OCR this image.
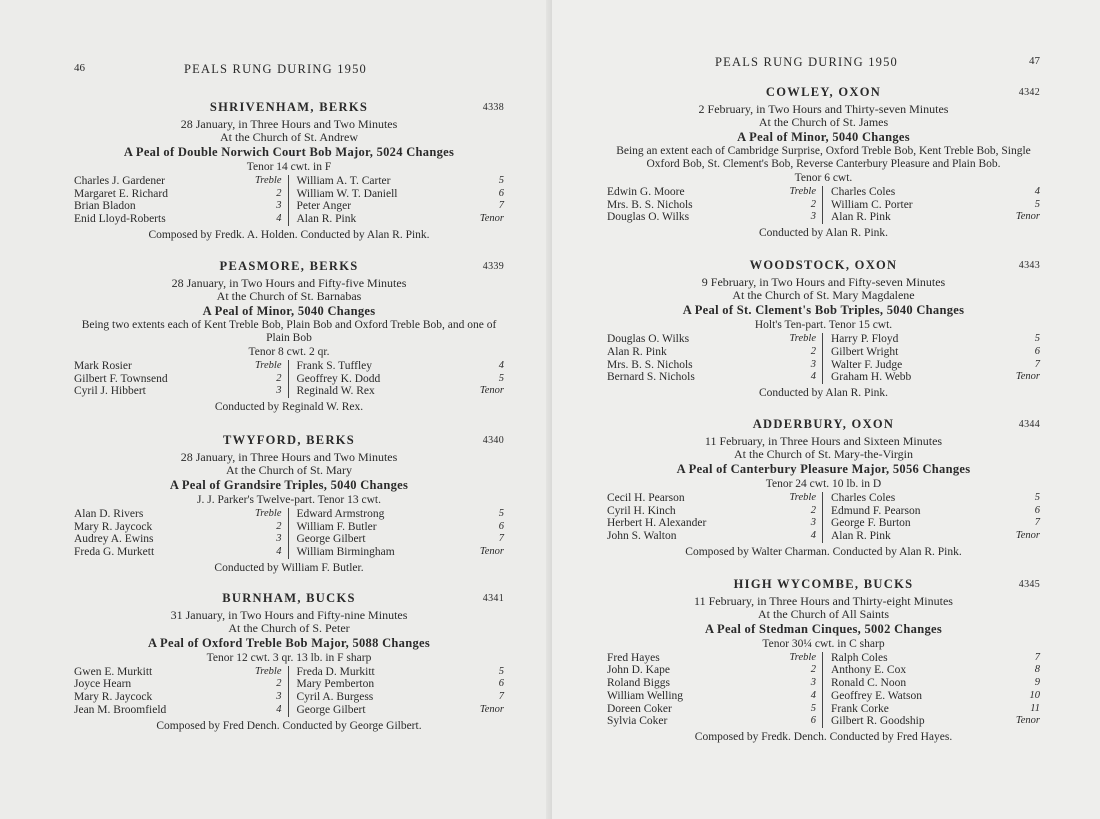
46	PEALS RUNG DURING 1950
SHRIVENHAM, BERKS	4338
28 January, in Three Hours and Two Minutes
At the Church of St. Andrew
A Peal of Double Norwich Court Bob Major, 5024 Changes
Tenor 14 cwt. in F
Charles J. Gardener	Treble
Margaret E. Richard	2
Brian Bladon	3
Enid Lloyd-Roberts	4
William A. T. Carter	5
William W. T. Daniell	6
Peter Anger	7
Alan R. Pink	Tenor
Composed by Fredk. A. Holden. Conducted by Alan R. Pink.
PEASMORE, BERKS	4339
28 January, in Two Hours and Fifty-five Minutes
At the Church of St. Barnabas
A Peal of Minor, 5040 Changes
Being two extents each of Kent Treble Bob, Plain Bob and Oxford Treble Bob, and one of Plain Bob
Tenor 8 cwt. 2 qr.
Mark Rosier	Treble
Gilbert F. Townsend	2
Cyril J. Hibbert	3
Frank S. Tuffley	4
Geoffrey K. Dodd	5
Reginald W. Rex	Tenor
Conducted by Reginald W. Rex.
TWYFORD, BERKS	4340
28 January, in Three Hours and Two Minutes
At the Church of St. Mary
A Peal of Grandsire Triples, 5040 Changes
J. J. Parker's Twelve-part. Tenor 13 cwt.
Alan D. Rivers	Treble
Mary R. Jaycock	2
Audrey A. Ewins	3
Freda G. Murkett	4
Edward Armstrong	5
William F. Butler	6
George Gilbert	7
William Birmingham	Tenor
Conducted by William F. Butler.
BURNHAM, BUCKS	4341
31 January, in Two Hours and Fifty-nine Minutes
At the Church of S. Peter
A Peal of Oxford Treble Bob Major, 5088 Changes
Tenor 12 cwt. 3 qr. 13 lb. in F sharp
Gwen E. Murkitt	Treble
Joyce Hearn	2
Mary R. Jaycock	3
Jean M. Broomfield	4
Freda D. Murkitt	5
Mary Pemberton	6
Cyril A. Burgess	7
George Gilbert	Tenor
Composed by Fred Dench. Conducted by George Gilbert.
PEALS RUNG DURING 1950	47
COWLEY, OXON	4342
2 February, in Two Hours and Thirty-seven Minutes
At the Church of St. James
A Peal of Minor, 5040 Changes
Being an extent each of Cambridge Surprise, Oxford Treble Bob, Kent Treble Bob, Single Oxford Bob, St. Clement's Bob, Reverse Canterbury Pleasure and Plain Bob.
Tenor 6 cwt.
Edwin G. Moore	Treble
Mrs. B. S. Nichols	2
Douglas O. Wilks	3
Charles Coles	4
William C. Porter	5
Alan R. Pink	Tenor
Conducted by Alan R. Pink.
WOODSTOCK, OXON	4343
9 February, in Two Hours and Fifty-seven Minutes
At the Church of St. Mary Magdalene
A Peal of St. Clement's Bob Triples, 5040 Changes
Holt's Ten-part. Tenor 15 cwt.
Douglas O. Wilks	Treble
Alan R. Pink	2
Mrs. B. S. Nichols	3
Bernard S. Nichols	4
Harry P. Floyd	5
Gilbert Wright	6
Walter F. Judge	7
Graham H. Webb	Tenor
Conducted by Alan R. Pink.
ADDERBURY, OXON	4344
11 February, in Three Hours and Sixteen Minutes
At the Church of St. Mary-the-Virgin
A Peal of Canterbury Pleasure Major, 5056 Changes
Tenor 24 cwt. 10 lb. in D
Cecil H. Pearson	Treble
Cyril H. Kinch	2
Herbert H. Alexander	3
John S. Walton	4
Charles Coles	5
Edmund F. Pearson	6
George F. Burton	7
Alan R. Pink	Tenor
Composed by Walter Charman. Conducted by Alan R. Pink.
HIGH WYCOMBE, BUCKS	4345
11 February, in Three Hours and Thirty-eight Minutes
At the Church of All Saints
A Peal of Stedman Cinques, 5002 Changes
Tenor 30¼ cwt. in C sharp
Fred Hayes	Treble
John D. Kape	2
Roland Biggs	3
William Welling	4
Doreen Coker	5
Sylvia Coker	6
Ralph Coles	7
Anthony E. Cox	8
Ronald C. Noon	9
Geoffrey E. Watson	10
Frank Corke	11
Gilbert R. Goodship	Tenor
Composed by Fredk. Dench. Conducted by Fred Hayes.
